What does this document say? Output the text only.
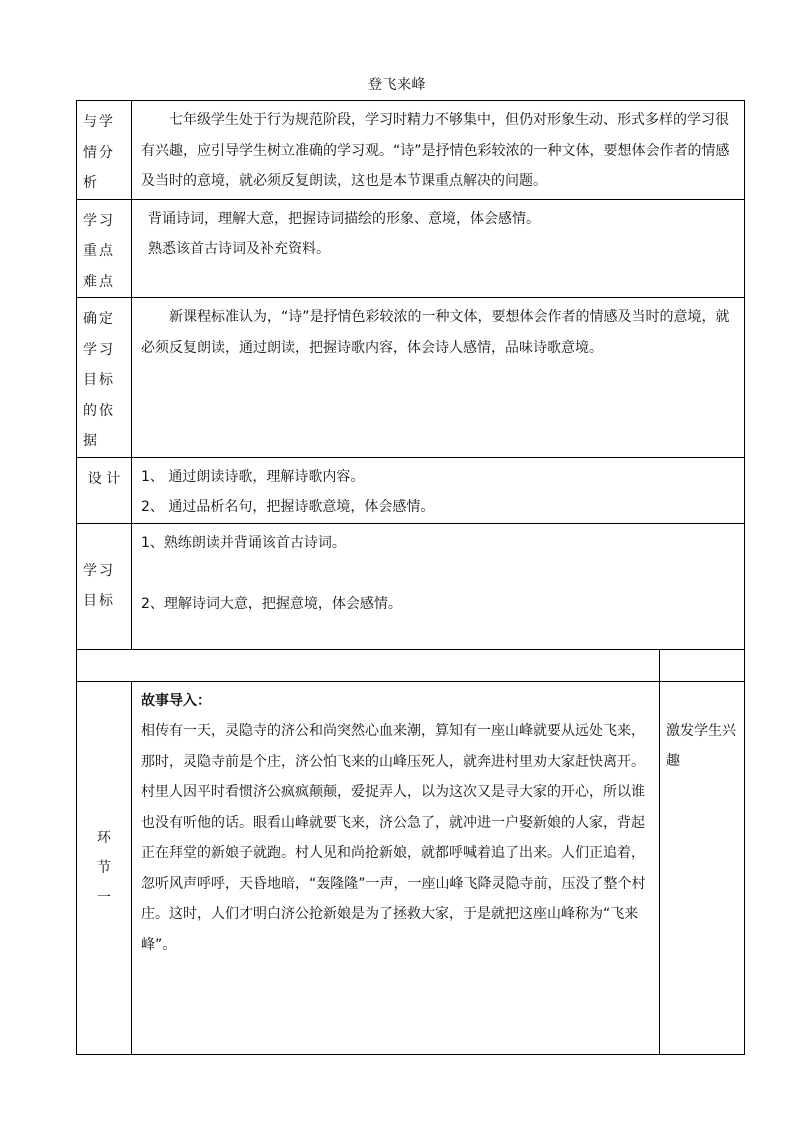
登飞来峰
与学情分析	七年级学生处于行为规范阶段，学习时精力不够集中，但仍对形象生动、形式多样的学习很有兴趣，应引导学生树立准确的学习观。“诗”是抒情色彩较浓的一种文体，要想体会作者的情感及当时的意境，就必须反复朗读，这也是本节课重点解决的问题。	

学习重点难点	背诵诗词，理解大意，把握诗词描绘的形象、意境，体会感情。
熟悉该首古诗词及补充资料。	

确定学习目标的依据	新课程标准认为，“诗”是抒情色彩较浓的一种文体，要想体会作者的情感及当时的意境，就必须反复朗读，通过朗读，把握诗歌内容，体会诗人感情，品味诗歌意境。	

设 计	1、 通过朗读诗歌，理解诗歌内容。
2、 通过品析名句，把握诗歌意境，体会感情。	

学习目标	1、熟练朗读并背诵该首古诗词。
2、理解诗词大意，把握意境，体会感情。	

环节一	故事导入：
相传有一天，灵隐寺的济公和尚突然心血来潮，算知有一座山峰就要从远处飞来，那时，灵隐寺前是个庄，济公怕飞来的山峰压死人，就奔进村里劝大家赶快离开。村里人因平时看惯济公疯疯颠颠，爱捉弄人，以为这次又是寻大家的开心，所以谁也没有听他的话。眼看山峰就要飞来，济公急了，就冲进一户娶新娘的人家，背起正在拜堂的新娘子就跑。村人见和尚抢新娘，就都呼喊着追了出来。人们正追着，忽听风声呼呼，天昏地暗，“轰隆隆”一声，一座山峰飞降灵隐寺前，压没了整个村庄。这时，人们才明白济公抢新娘是为了拯救大家，于是就把这座山峰称为“飞来峰”。	激发学生兴趣
